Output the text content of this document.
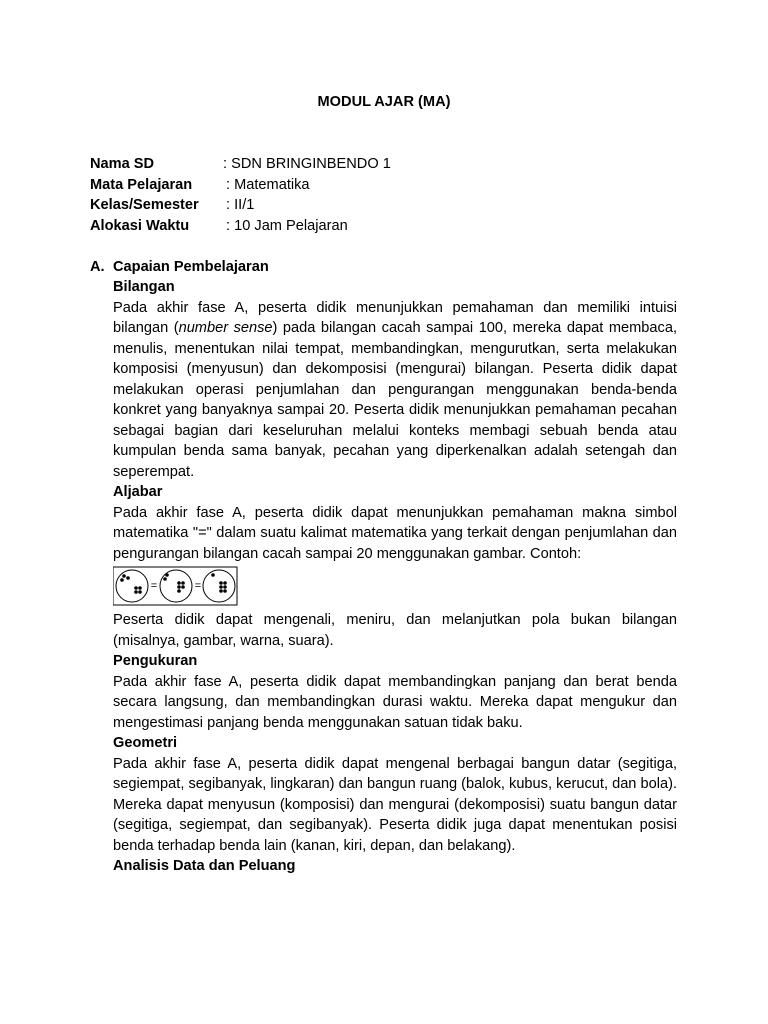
MODUL AJAR (MA)
Nama SD	: SDN BRINGINBENDO 1
Mata Pelajaran : Matematika
Kelas/Semester : II/1
Alokasi Waktu	: 10 Jam Pelajaran
A. Capaian Pembelajaran
Bilangan
Pada akhir fase A, peserta didik menunjukkan pemahaman dan memiliki intuisi bilangan (number sense) pada bilangan cacah sampai 100, mereka dapat membaca, menulis, menentukan nilai tempat, membandingkan, mengurutkan, serta melakukan komposisi (menyusun) dan dekomposisi (mengurai) bilangan. Peserta didik dapat melakukan operasi penjumlahan dan pengurangan menggunakan benda-benda konkret yang banyaknya sampai 20. Peserta didik menunjukkan pemahaman pecahan sebagai bagian dari keseluruhan melalui konteks membagi sebuah benda atau kumpulan benda sama banyak, pecahan yang diperkenalkan adalah setengah dan seperempat.
Aljabar
Pada akhir fase A, peserta didik dapat menunjukkan pemahaman makna simbol matematika "=" dalam suatu kalimat matematika yang terkait dengan penjumlahan dan pengurangan bilangan cacah sampai 20 menggunakan gambar. Contoh:
=	=
Peserta didik dapat mengenali, meniru, dan melanjutkan pola bukan bilangan (misalnya, gambar, warna, suara).
Pengukuran
Pada akhir fase A, peserta didik dapat membandingkan panjang dan berat benda secara langsung, dan membandingkan durasi waktu. Mereka dapat mengukur dan mengestimasi panjang benda menggunakan satuan tidak baku.
Geometri
Pada akhir fase A, peserta didik dapat mengenal berbagai bangun datar (segitiga, segiempat, segibanyak, lingkaran) dan bangun ruang (balok, kubus, kerucut, dan bola). Mereka dapat menyusun (komposisi) dan mengurai (dekomposisi) suatu bangun datar (segitiga, segiempat, dan segibanyak). Peserta didik juga dapat menentukan posisi benda terhadap benda lain (kanan, kiri, depan, dan belakang).
Analisis Data dan Peluang
